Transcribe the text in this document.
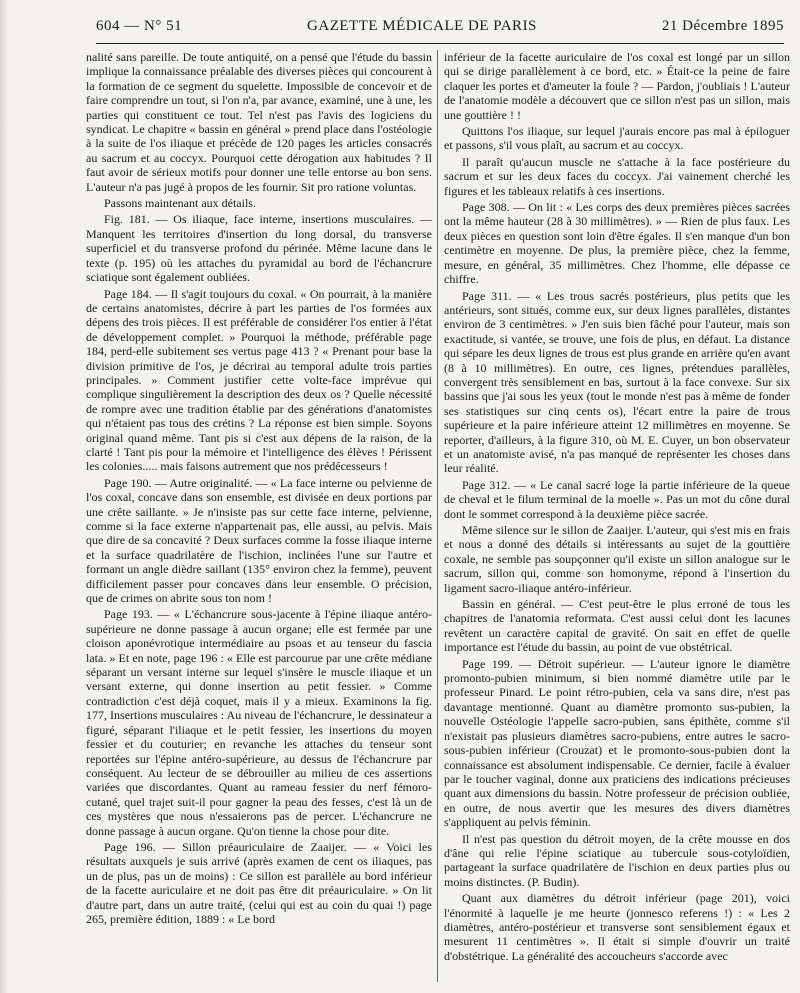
604 — N° 51	GAZETTE MÉDICALE DE PARIS	21 Décembre 1895

nalité sans pareille. De toute antiquité, on a pensé que l'étude du bassin implique la connaissance préalable des diverses pièces qui concourent à la formation de ce segment du squelette. Impossible de concevoir et de faire comprendre un tout, si l'on n'a, par avance, examiné, une à une, les parties qui constituent ce tout. Tel n'est pas l'avis des logiciens du syndicat. Le chapitre « bassin en général » prend place dans l'ostéologie à la suite de l'os iliaque et précède de 120 pages les articles consacrés au sacrum et au coccyx. Pourquoi cette dérogation aux habitudes ? Il faut avoir de sérieux motifs pour donner une telle entorse au bon sens. L'auteur n'a pas jugé à propos de les fournir. Sit pro ratione voluntas.

Passons maintenant aux détails.

Fig. 181. — Os iliaque, face interne, insertions musculaires. — Manquent les territoires d'insertion du long dorsal, du transverse superficiel et du transverse profond du périnée. Même lacune dans le texte (p. 195) où les attaches du pyramidal au bord de l'échancrure sciatique sont également oubliées.

Page 184. — Il s'agit toujours du coxal. « On pourrait, à la manière de certains anatomistes, décrire à part les parties de l'os formées aux dépens des trois pièces. Il est préférable de considérer l'os entier à l'état de développement complet. » Pourquoi la méthode, préférable page 184, perd-elle subitement ses vertus page 413 ? « Prenant pour base la division primitive de l'os, je décrirai au temporal adulte trois parties principales. » Comment justifier cette volte-face imprévue qui complique singulièrement la description des deux os ? Quelle nécessité de rompre avec une tradition établie par des générations d'anatomistes qui n'étaient pas tous des crétins ? La réponse est bien simple. Soyons original quand même. Tant pis si c'est aux dépens de la raison, de la clarté ! Tant pis pour la mémoire et l'intelligence des élèves ! Périssent les colonies..... mais faisons autrement que nos prédécesseurs !

Page 190. — Autre originalité. — « La face interne ou pelvienne de l'os coxal, concave dans son ensemble, est divisée en deux portions par une crête saillante. » Je n'insiste pas sur cette face interne, pelvienne, comme si la face externe n'appartenait pas, elle aussi, au pelvis. Mais que dire de sa concavité ? Deux surfaces comme la fosse iliaque interne et la surface quadrilatère de l'ischion, inclinées l'une sur l'autre et formant un angle dièdre saillant (135° environ chez la femme), peuvent difficilement passer pour concaves dans leur ensemble. O précision, que de crimes on abrite sous ton nom !

Page 193. — « L'échancrure sous-jacente à l'épine iliaque antéro-supérieure ne donne passage à aucun organe; elle est fermée par une cloison aponévrotique intermédiaire au psoas et au tenseur du fascia lata. » Et en note, page 196 : « Elle est parcourue par une crête médiane séparant un versant interne sur lequel s'insère le muscle iliaque et un versant externe, qui donne insertion au petit fessier. » Comme contradiction c'est déjà coquet, mais il y a mieux. Examinons la fig. 177, Insertions musculaires : Au niveau de l'échancrure, le dessinateur a figuré, séparant l'iliaque et le petit fessier, les insertions du moyen fessier et du couturier; en revanche les attaches du tenseur sont reportées sur l'épine antéro-supérieure, au dessus de l'échancrure par conséquent. Au lecteur de se débrouiller au milieu de ces assertions variées que discordantes. Quant au rameau fessier du nerf fémoro-cutané, quel trajet suit-il pour gagner la peau des fesses, c'est là un de ces mystères que nous n'essaierons pas de percer. L'échancrure ne donne passage à aucun organe. Qu'on tienne la chose pour dite.

Page 196. — Sillon préauriculaire de Zaaijer. — « Voici les résultats auxquels je suis arrivé (après examen de cent os iliaques, pas un de plus, pas un de moins) : Ce sillon est parallèle au bord inférieur de la facette auriculaire et ne doit pas être dit préauriculaire. » On lit d'autre part, dans un autre traité, (celui qui est au coin du quai !) page 265, première édition, 1889 : « Le bord

inférieur de la facette auriculaire de l'os coxal est longé par un sillon qui se dirige parallèlement à ce bord, etc. » Était-ce la peine de faire claquer les portes et d'ameuter la foule ? — Pardon, j'oubliais ! L'auteur de l'anatomie modèle a découvert que ce sillon n'est pas un sillon, mais une gouttière ! !

Quittons l'os iliaque, sur lequel j'aurais encore pas mal à épiloguer et passons, s'il vous plaît, au sacrum et au coccyx.

Il paraît qu'aucun muscle ne s'attache à la face postérieure du sacrum et sur les deux faces du coccyx. J'ai vainement cherché les figures et les tableaux relatifs à ces insertions.

Page 308. — On lit : « Les corps des deux premières pièces sacrées ont la même hauteur (28 à 30 millimètres). » — Rien de plus faux. Les deux pièces en question sont loin d'être égales. Il s'en manque d'un bon centimètre en moyenne. De plus, la première pièce, chez la femme, mesure, en général, 35 millimètres. Chez l'homme, elle dépasse ce chiffre.

Page 311. — « Les trous sacrés postérieurs, plus petits que les antérieurs, sont situés, comme eux, sur deux lignes parallèles, distantes environ de 3 centimètres. » J'en suis bien fâché pour l'auteur, mais son exactitude, si vantée, se trouve, une fois de plus, en défaut. La distance qui sépare les deux lignes de trous est plus grande en arrière qu'en avant (8 à 10 millimètres). En outre, ces lignes, prétendues parallèles, convergent très sensiblement en bas, surtout à la face convexe. Sur six bassins que j'ai sous les yeux (tout le monde n'est pas à même de fonder ses statistiques sur cinq cents os), l'écart entre la paire de trous supérieure et la paire inférieure atteint 12 millimètres en moyenne. Se reporter, d'ailleurs, à la figure 310, où M. E. Cuyer, un bon observateur et un anatomiste avisé, n'a pas manqué de représenter les choses dans leur réalité.

Page 312. — « Le canal sacré loge la partie inférieure de la queue de cheval et le filum terminal de la moelle ». Pas un mot du cône dural dont le sommet correspond à la deuxième pièce sacrée.

Même silence sur le sillon de Zaaijer. L'auteur, qui s'est mis en frais et nous a donné des détails si intéressants au sujet de la gouttière coxale, ne semble pas soupçonner qu'il existe un sillon analogue sur le sacrum, sillon qui, comme son homonyme, répond à l'insertion du ligament sacro-iliaque antéro-inférieur.

Bassin en général. — C'est peut-être le plus erroné de tous les chapitres de l'anatomia reformata. C'est aussi celui dont les lacunes revêtent un caractère capital de gravité. On sait en effet de quelle importance est l'étude du bassin, au point de vue obstétrical.

Page 199. — Détroit supérieur. — L'auteur ignore le diamètre promonto-pubien minimum, si bien nommé diamètre utile par le professeur Pinard. Le point rétro-pubien, cela va sans dire, n'est pas davantage mentionné. Quant au diamètre promonto sus-pubien, la nouvelle Ostéologie l'appelle sacro-pubien, sans épithète, comme s'il n'existait pas plusieurs diamètres sacro-pubiens, entre autres le sacro-sous-pubien inférieur (Crouzat) et le promonto-sous-pubien dont la connaissance est absolument indispensable. Ce dernier, facile à évaluer par le toucher vaginal, donne aux praticiens des indications précieuses quant aux dimensions du bassin. Notre professeur de précision oubliée, en outre, de nous avertir que les mesures des divers diamètres s'appliquent au pelvis féminin.

Il n'est pas question du détroit moyen, de la crête mousse en dos d'âne qui relie l'épine sciatique au tubercule sous-cotyloïdien, partageant la surface quadrilatère de l'ischion en deux parties plus ou moins distinctes. (P. Budin).

Quant aux diamètres du détroit inférieur (page 201), voici l'énormité à laquelle je me heurte (jonnesco referens !) : « Les 2 diamètres, antéro-postérieur et transverse sont sensiblement égaux et mesurent 11 centimètres ». Il était si simple d'ouvrir un traité d'obstétrique. La généralité des accoucheurs s'accorde avec
